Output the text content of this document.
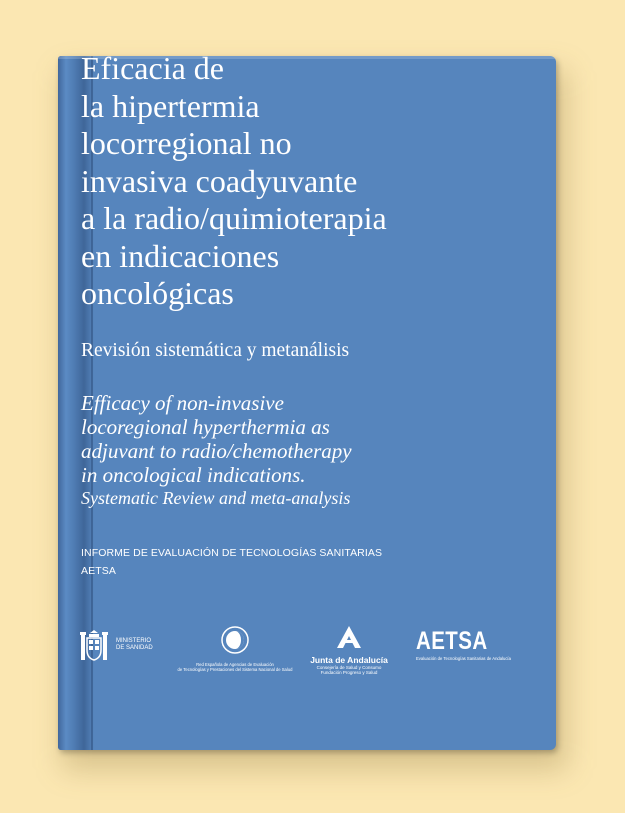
Eficacia de
la hipertermia
locorregional no
invasiva coadyuvante
a la radio/quimioterapia
en indicaciones
oncológicas
Revisión sistemática y metanálisis
Efficacy of non-invasive
locoregional hyperthermia as
adjuvant to radio/chemotherapy
in oncological indications.
Systematic Review and meta-analysis
INFORME DE EVALUACIÓN DE TECNOLOGÍAS SANITARIAS
AETSA
MINISTERIO
DE SANIDAD
Red Española de Agencias de Evaluación
de Tecnologías y Prestaciones del Sistema Nacional de Salud
Junta de Andalucía
Consejería de Salud y Consumo
Fundación Progreso y Salud
AETSA
Evaluación de Tecnologías Sanitarias de Andalucía
